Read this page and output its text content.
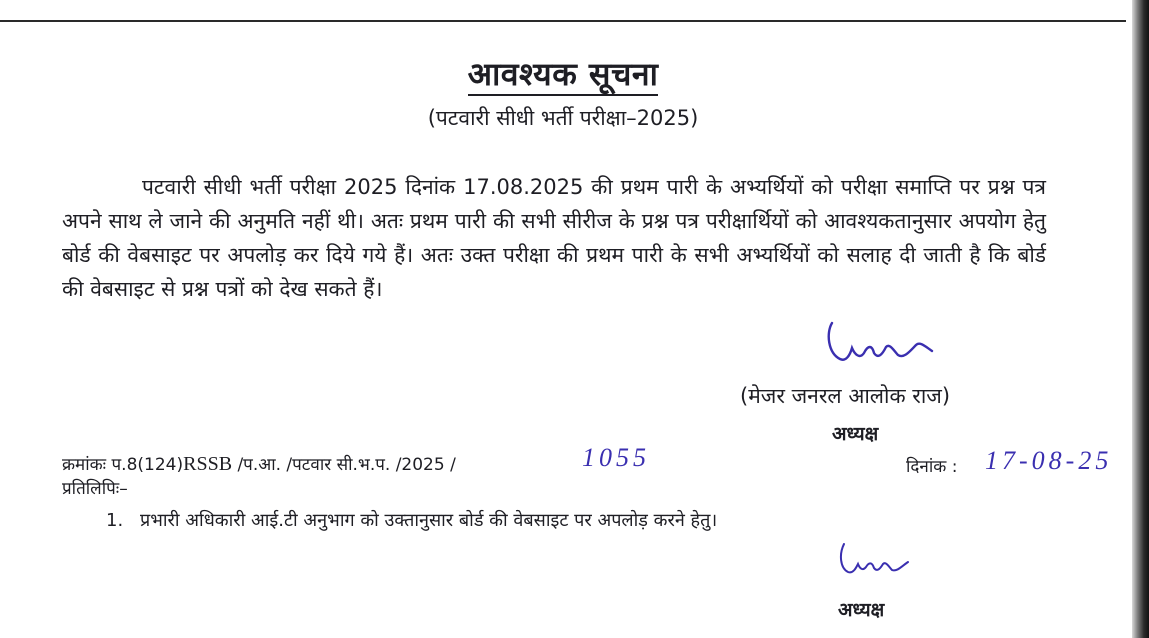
आवश्यक सूचना
(पटवारी सीधी भर्ती परीक्षा–2025)

पटवारी सीधी भर्ती परीक्षा 2025 दिनांक 17.08.2025 की प्रथम पारी के अभ्यर्थियों को परीक्षा समाप्ति पर प्रश्न पत्र अपने साथ ले जाने की अनुमति नहीं थी। अतः प्रथम पारी की सभी सीरीज के प्रश्न पत्र परीक्षार्थियों को आवश्यकतानुसार अपयोग हेतु बोर्ड की वेबसाइट पर अपलोड़ कर दिये गये हैं। अतः उक्त परीक्षा की प्रथम पारी के सभी अभ्यर्थियों को सलाह दी जाती है कि बोर्ड की वेबसाइट से प्रश्न पत्रों को देख सकते हैं।

(मेजर जनरल आलोक राज)
अध्यक्ष
क्रमांकः प.8(124)RSSB /प.आ. /पटवार सी.भ.प. /2025 /	1055	दिनांक : 17-08-25
प्रतिलिपिः–
1. प्रभारी अधिकारी आई.टी अनुभाग को उक्तानुसार बोर्ड की वेबसाइट पर अपलोड़ करने हेतु।
अध्यक्ष
